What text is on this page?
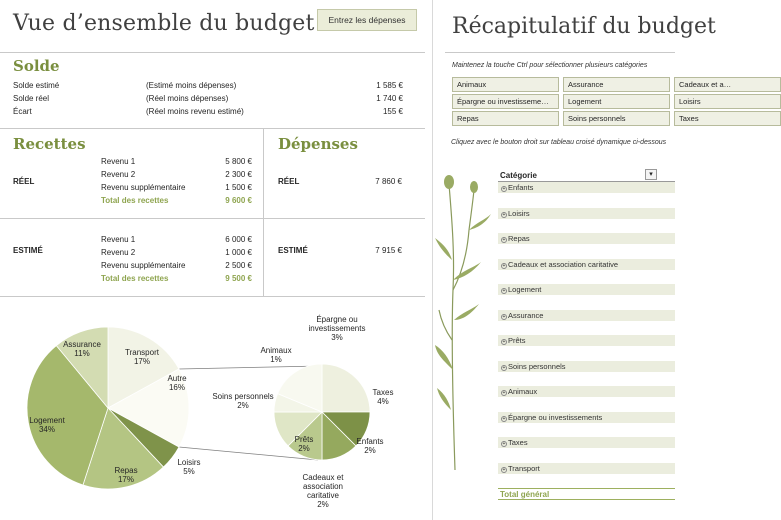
Vue d’ensemble du budget	Entrez les dépenses
Solde
Solde estimé	(Estimé moins dépenses)	1 585 €
Solde réel	(Réel moins dépenses)	1 740 €
Écart	(Réel moins revenu estimé)	155 €
Recettes
RÉEL
Revenu 1	5 800 €
Revenu 2	2 300 €
Revenu supplémentaire	1 500 €
Total des recettes	9 600 €
ESTIMÉ
Revenu 1	6 000 €
Revenu 2	1 000 €
Revenu supplémentaire	2 500 €
Total des recettes	9 500 €
Dépenses
RÉEL	7 860 €
ESTIMÉ	7 915 €
Transport 17%
Autre 16%
Loisirs 5%
Repas 17%
Logement 34%
Assurance 11%
Taxes 4%
Enfants 2%
Cadeaux et association caritative 2%
Prêts 2%
Soins personnels 2%
Animaux 1%
Épargne ou investissements 3%
Récapitulatif du budget
Maintenez la touche Ctrl pour sélectionner plusieurs catégories
Animaux	Assurance	Cadeaux et a…
Épargne ou investisseme…	Logement	Loisirs
Repas	Soins personnels	Taxes
Cliquez avec le bouton droit sur tableau croisé dynamique ci-dessous
Catégorie	▾
+ Enfants
+ Loisirs
+ Repas
+ Cadeaux et association caritative
+ Logement
+ Assurance
+ Prêts
+ Soins personnels
+ Animaux
+ Épargne ou investissements
+ Taxes
+ Transport
Total général
